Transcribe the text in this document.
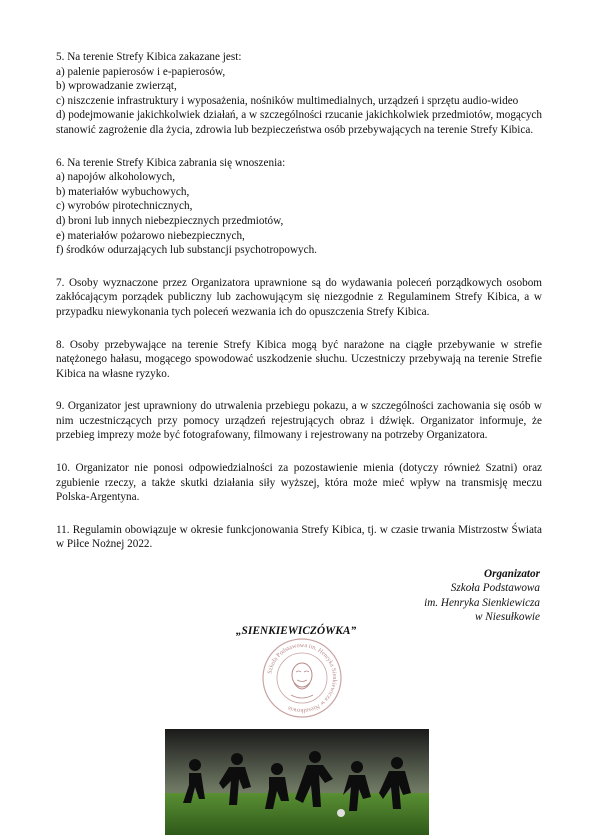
5. Na terenie Strefy Kibica zakazane jest:

a) palenie papierosów i e-papierosów,

b) wprowadzanie zwierząt,

c) niszczenie infrastruktury i wyposażenia, nośników multimedialnych, urządzeń i sprzętu audio-wideo

d) podejmowanie jakichkolwiek działań, a w szczególności rzucanie jakichkolwiek przedmiotów, mogących stanowić zagrożenie dla życia, zdrowia lub bezpieczeństwa osób przebywających na terenie Strefy Kibica.

6. Na terenie Strefy Kibica zabrania się wnoszenia:

a) napojów alkoholowych,

b) materiałów wybuchowych,

c) wyrobów pirotechnicznych,

d) broni lub innych niebezpiecznych przedmiotów,

e) materiałów pożarowo niebezpiecznych,

f) środków odurzających lub substancji psychotropowych.

7. Osoby wyznaczone przez Organizatora uprawnione są do wydawania poleceń porządkowych osobom zakłócającym porządek publiczny lub zachowującym się niezgodnie z Regulaminem Strefy Kibica, a w przypadku niewykonania tych poleceń wezwania ich do opuszczenia Strefy Kibica.

8. Osoby przebywające na terenie Strefy Kibica mogą być narażone na ciągłe przebywanie w strefie natężonego hałasu, mogącego spowodować uszkodzenie słuchu. Uczestniczy przebywają na terenie Strefie Kibica na własne ryzyko.

9. Organizator jest uprawniony do utrwalenia przebiegu pokazu, a w szczególności zachowania się osób w nim uczestniczących przy pomocy urządzeń rejestrujących obraz i dźwięk. Organizator informuje, że przebieg imprezy może być fotografowany, filmowany i rejestrowany na potrzeby Organizatora.

10. Organizator nie ponosi odpowiedzialności za pozostawienie mienia (dotyczy również Szatni) oraz zgubienie rzeczy, a także skutki działania siły wyższej, która może mieć wpływ na transmisję meczu Polska-Argentyna.

11. Regulamin obowiązuje w okresie funkcjonowania Strefy Kibica, tj. w czasie trwania Mistrzostw Świata w Piłce Nożnej 2022.

Organizator
Szkoła Podstawowa
im. Henryka Sienkiewicza
w Niesułkowie
„SIENKIEWICZÓWKA”
Szkoła Podstawowa im. Henryka Sienkiewicza w Niesułkowie
